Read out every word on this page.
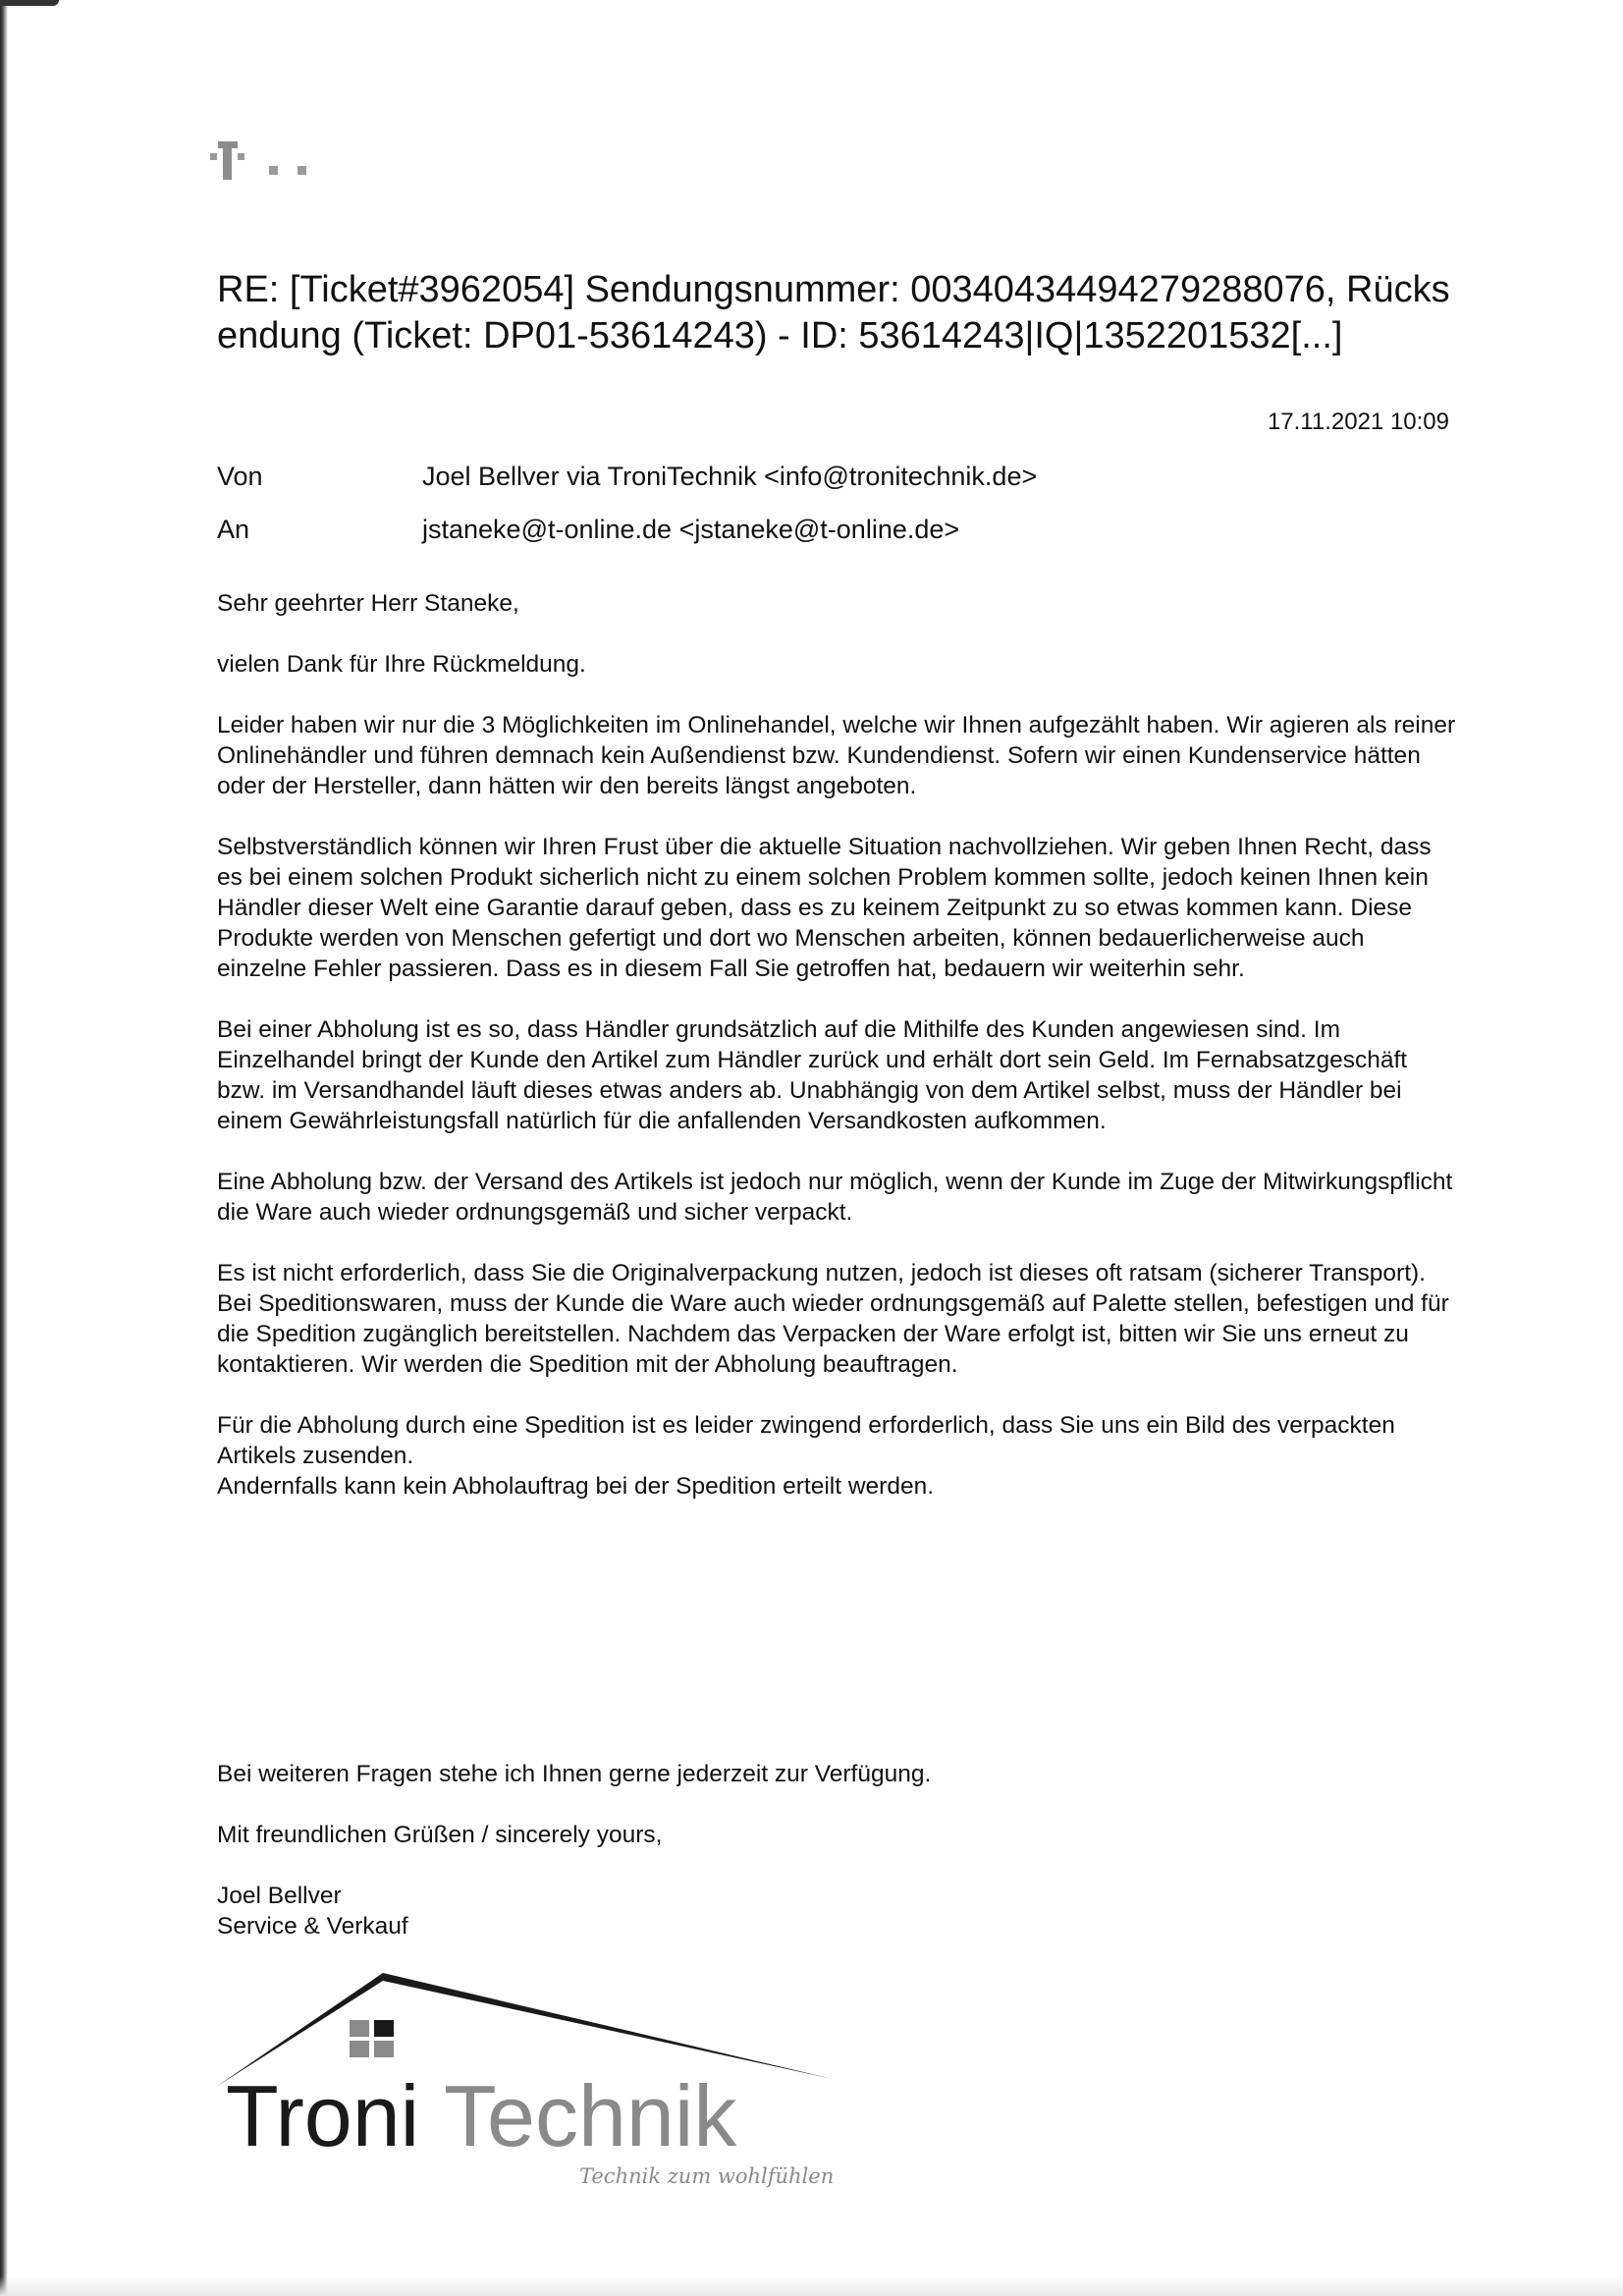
RE: [Ticket#3962054] Sendungsnummer: 00340434494279288076, Rücksendung (Ticket: DP01-53614243) - ID: 53614243|IQ|1352201532[...]
17.11.2021 10:09
Von	Joel Bellver via TroniTechnik <info@tronitechnik.de>
An	jstaneke@t-online.de <jstaneke@t-online.de>

Sehr geehrter Herr Staneke,

vielen Dank für Ihre Rückmeldung.

Leider haben wir nur die 3 Möglichkeiten im Onlinehandel, welche wir Ihnen aufgezählt haben. Wir agieren als reiner Onlinehändler und führen demnach kein Außendienst bzw. Kundendienst. Sofern wir einen Kundenservice hätten oder der Hersteller, dann hätten wir den bereits längst angeboten.

Selbstverständlich können wir Ihren Frust über die aktuelle Situation nachvollziehen. Wir geben Ihnen Recht, dass es bei einem solchen Produkt sicherlich nicht zu einem solchen Problem kommen sollte, jedoch keinen Ihnen kein Händler dieser Welt eine Garantie darauf geben, dass es zu keinem Zeitpunkt zu so etwas kommen kann. Diese Produkte werden von Menschen gefertigt und dort wo Menschen arbeiten, können bedauerlicherweise auch einzelne Fehler passieren. Dass es in diesem Fall Sie getroffen hat, bedauern wir weiterhin sehr.

Bei einer Abholung ist es so, dass Händler grundsätzlich auf die Mithilfe des Kunden angewiesen sind. Im Einzelhandel bringt der Kunde den Artikel zum Händler zurück und erhält dort sein Geld. Im Fernabsatzgeschäft bzw. im Versandhandel läuft dieses etwas anders ab. Unabhängig von dem Artikel selbst, muss der Händler bei einem Gewährleistungsfall natürlich für die anfallenden Versandkosten aufkommen.

Eine Abholung bzw. der Versand des Artikels ist jedoch nur möglich, wenn der Kunde im Zuge der Mitwirkungspflicht die Ware auch wieder ordnungsgemäß und sicher verpackt.

Es ist nicht erforderlich, dass Sie die Originalverpackung nutzen, jedoch ist dieses oft ratsam (sicherer Transport). Bei Speditionswaren, muss der Kunde die Ware auch wieder ordnungsgemäß auf Palette stellen, befestigen und für die Spedition zugänglich bereitstellen. Nachdem das Verpacken der Ware erfolgt ist, bitten wir Sie uns erneut zu kontaktieren. Wir werden die Spedition mit der Abholung beauftragen.

Für die Abholung durch eine Spedition ist es leider zwingend erforderlich, dass Sie uns ein Bild des verpackten Artikels zusenden.

Andernfalls kann kein Abholauftrag bei der Spedition erteilt werden.

Bei weiteren Fragen stehe ich Ihnen gerne jederzeit zur Verfügung.

Mit freundlichen Grüßen / sincerely yours,

Joel Bellver
Service & Verkauf
Troni Technik
Technik zum wohlfühlen
